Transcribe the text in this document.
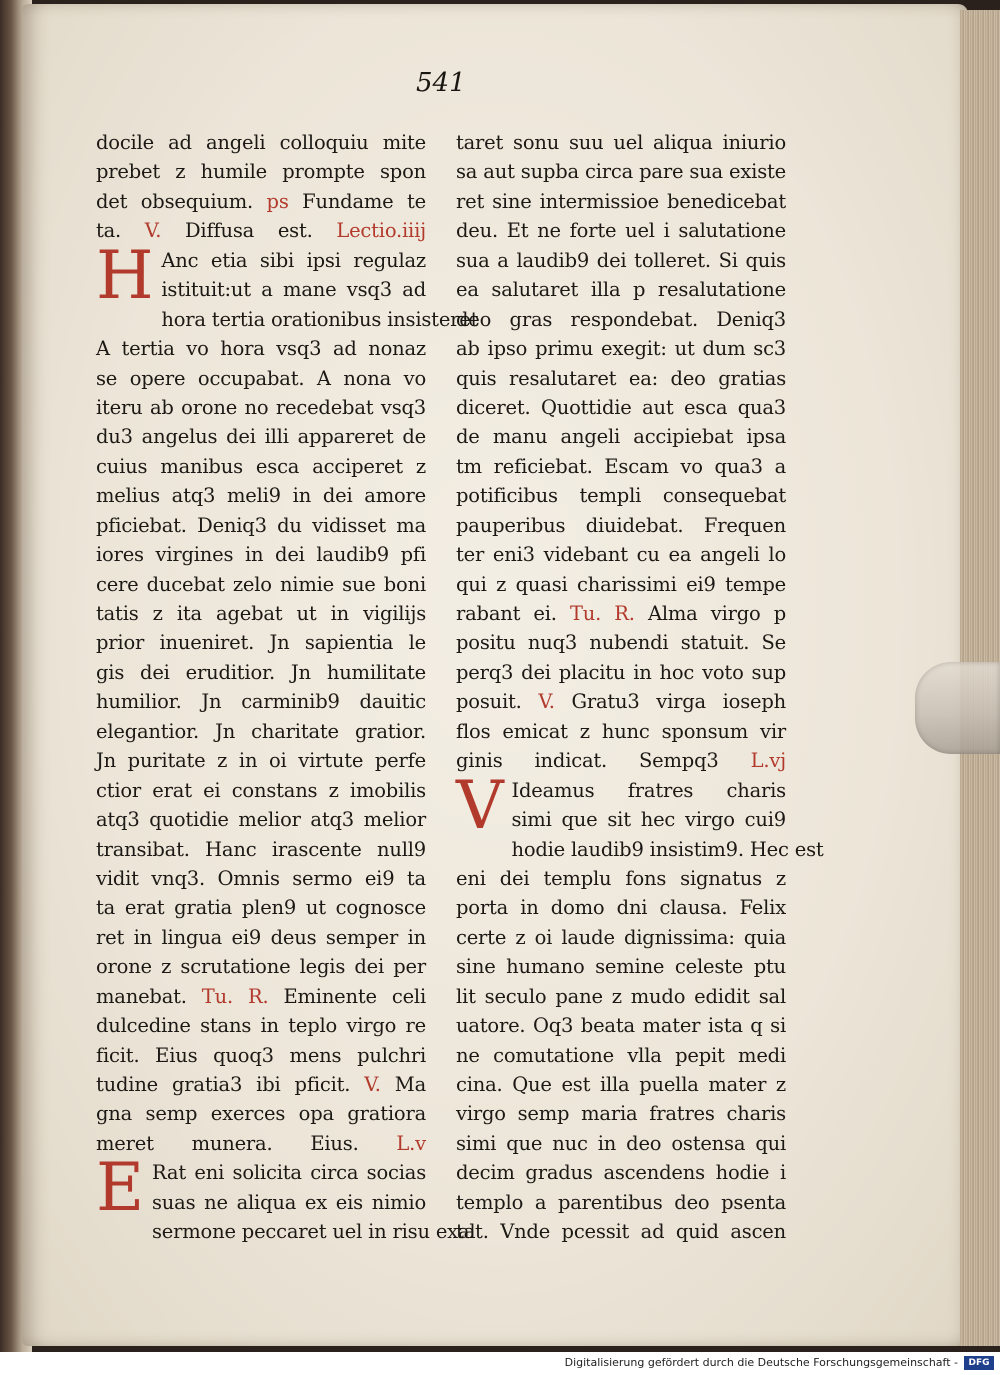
541
docile ad angeli colloquiu mite
prebet z humile prompte spon
det obsequium. ps Fundame te
ta. V. Diffusa est. Lectio.iiij
H Anc etia sibi ipsi regulaz
istituit:ut a mane vsq3 ad
hora tertia orationibus insisteret
A tertia vo hora vsq3 ad nonaz
se opere occupabat. A nona vo
iteru ab orone no recedebat vsq3
du3 angelus dei illi appareret de
cuius manibus esca acciperet z
melius atq3 meli9 in dei amore
pficiebat. Deniq3 du vidisset ma
iores virgines in dei laudib9 pfi
cere ducebat zelo nimie sue boni
tatis z ita agebat ut in vigilijs
prior inueniret. Jn sapientia le
gis dei eruditior. Jn humilitate
humilior. Jn carminib9 dauitic
elegantior. Jn charitate gratior.
Jn puritate z in oi virtute perfe
ctior erat ei constans z imobilis
atq3 quotidie melior atq3 melior
transibat. Hanc irascente null9
vidit vnq3. Omnis sermo ei9 ta
ta erat gratia plen9 ut cognosce
ret in lingua ei9 deus semper in
orone z scrutatione legis dei per
manebat. Tu. R. Eminente celi
dulcedine stans in teplo virgo re
ficit. Eius quoq3 mens pulchri
tudine gratia3 ibi pficit. V. Ma
gna semp exerces opa gratiora
meret munera. Eius. L.v
E Rat eni solicita circa socias
suas ne aliqua ex eis nimio
sermone peccaret uel in risu exal
taret sonu suu uel aliqua iniurio
sa aut supba circa pare sua existe
ret sine intermissioe benedicebat
deu. Et ne forte uel i salutatione
sua a laudib9 dei tolleret. Si quis
ea salutaret illa p resalutatione
deo gras respondebat. Deniq3
ab ipso primu exegit: ut dum sc3
quis resalutaret ea: deo gratias
diceret. Quottidie aut esca qua3
de manu angeli accipiebat ipsa
tm reficiebat. Escam vo qua3 a
potificibus templi consequebat
pauperibus diuidebat. Frequen
ter eni3 videbant cu ea angeli lo
qui z quasi charissimi ei9 tempe
rabant ei. Tu. R. Alma virgo p
positu nuq3 nubendi statuit. Se
perq3 dei placitu in hoc voto sup
posuit. V. Gratu3 virga ioseph
flos emicat z hunc sponsum vir
ginis indicat. Sempq3 L.vj
V Ideamus fratres charis
simi que sit hec virgo cui9
hodie laudib9 insistim9. Hec est
eni dei templu fons signatus z
porta in domo dni clausa. Felix
certe z oi laude dignissima: quia
sine humano semine celeste ptu
lit seculo pane z mudo edidit sal
uatore. Oq3 beata mater ista q si
ne comutatione vlla pepit medi
cina. Que est illa puella mater z
virgo semp maria fratres charis
simi que nuc in deo ostensa qui
decim gradus ascendens hodie i
templo a parentibus deo psenta
tat. Vnde pcessit ad quid ascen
Digitalisierung gefördert durch die Deutsche Forschungsgemeinschaft -	DFG
